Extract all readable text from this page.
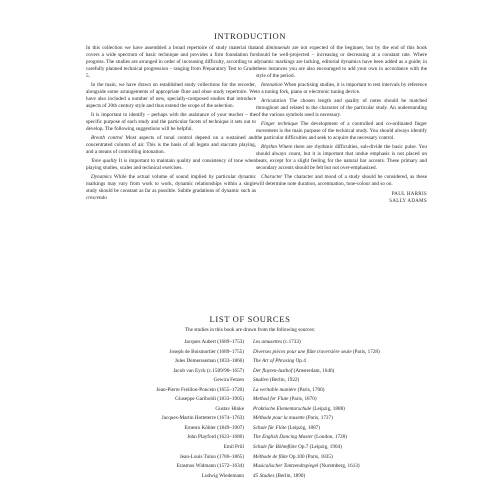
INTRODUCTION

In this collection we have assembled a broad repertoire of study material that covers a wide spectrum of basic technique and provides a firm foundation for progress. The studies are arranged in order of increasing difficulty, according to a carefully planned technical progression – ranging from Preparatory Test to Grade 5.

In the main, we have drawn on established study collections for the recorder, alongside some arrangements of appropriate flute and oboe study repertoire. We have also included a number of new, specially-composed studies that introduce aspects of 20th century style and thus extend the scope of the selection.

It is important to identify – perhaps with the assistance of your teacher – the specific purpose of each study and the particular facets of technique it sets out to develop. The following suggestions will be helpful.

Breath control Most aspects of tonal control depend on a sustained and concentrated column of air. This is the basis of all legato and staccato playing, and a means of controlling intonation.

Tone quality It is important to maintain quality and consistency of tone when playing studies, scales and technical exercises.

Dynamics While the actual volume of sound implied by particular dynamic markings may vary from work to work, dynamic relationships within a single study should be constant as far as possible. Subtle gradations of dynamic such as crescendo

and diminuendo are not expected of the beginner, but by the end of this book should be well-projected – increasing or decreasing at a constant rate. Where dynamic markings are lacking, editorial dynamics have been added as a guide; in these instances you are also encouraged to add your own in accordance with the style of the period.

Intonation When practising studies, it is important to test intervals by reference to a tuning fork, piano or electronic tuning device.

Articulation The chosen length and quality of notes should be matched throughout and related to the character of the particular study. An understanding of the various symbols used is necessary.

Finger technique The development of a controlled and co-ordinated finger movement is the main purpose of the technical study. You should always identify the particular difficulties and seek to acquire the necessary control.

Rhythm Where there are rhythmic difficulties, sub-divide the basic pulse. You should always count, but it is important that undue emphasis is not placed on beats, except for a slight feeling for the natural bar accents. These primary and secondary accents should be felt but not over-emphasized.

Character The character and mood of a study should be considered, as these will determine note duration, accentuation, tone-colour and so on.

PAUL HARRIS
SALLY ADAMS
LIST OF SOURCES
The studies in this book are drawn from the following sources:
Jacques Aubert (1689–1753) Les amusettes (c.1733)
Joseph de Boismortier (1689–1755) Diverses pièces pour une flûte traversière seule (Paris, 1728)
Jules Demersseman (1833–1866) The Art of Phrasing Op.4
Jacob van Eyck (c.1589/90–1657) Der fluyten-lusthof (Amsterdam, 1646)
Gewira Fetzen Studien (Berlin, 1922)
Jean-Pierre Freillon-Poncein (1655–1720) La veritable manière (Paris, 1700)
Giuseppe Gariboldi (1833–1905) Method for Flute (Paris, 1870)
Gustav Hinke Praktische Elementarschule (Leipzig, 1888)
Jacques-Martin Hotteterre (1674–1763) Méthode pour la musette (Paris, 1737)
Ernesto Köhler (1849–1907) Schule für Flöte (Leipzig, 1887)
John Playford (1623–1686) The English Dancing Master (London, 1728)
Emil Prill Schule für Böhmflöte Op.7 (Leipzig, 1904)
Jean-Louis Tulou (1786–1865) Méthode de flûte Op.100 (Paris, 1835)
Erasmus Widmann (1572–1634) Musicalischer Tantzendtspiegel (Nuremberg, 1613)
Ludwig Wiedemann 45 Studies (Berlin, 1890)
